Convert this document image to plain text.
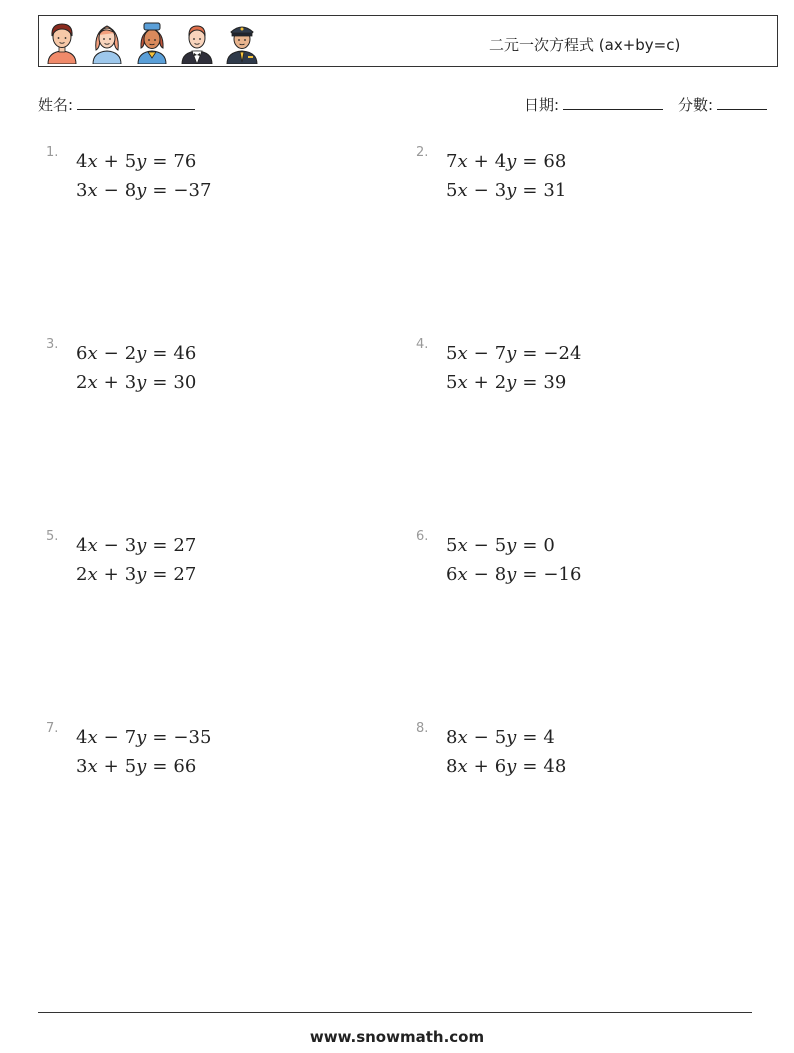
二元一次方程式 (ax+by=c)
姓名:	日期:	分數:
1. 4x + 5y = 76
3x − 8y = −37
2. 7x + 4y = 68
5x − 3y = 31
3. 6x − 2y = 46
2x + 3y = 30
4. 5x − 7y = −24
5x + 2y = 39
5. 4x − 3y = 27
2x + 3y = 27
6. 5x − 5y = 0
6x − 8y = −16
7. 4x − 7y = −35
3x + 5y = 66
8. 8x − 5y = 4
8x + 6y = 48
www.snowmath.com
